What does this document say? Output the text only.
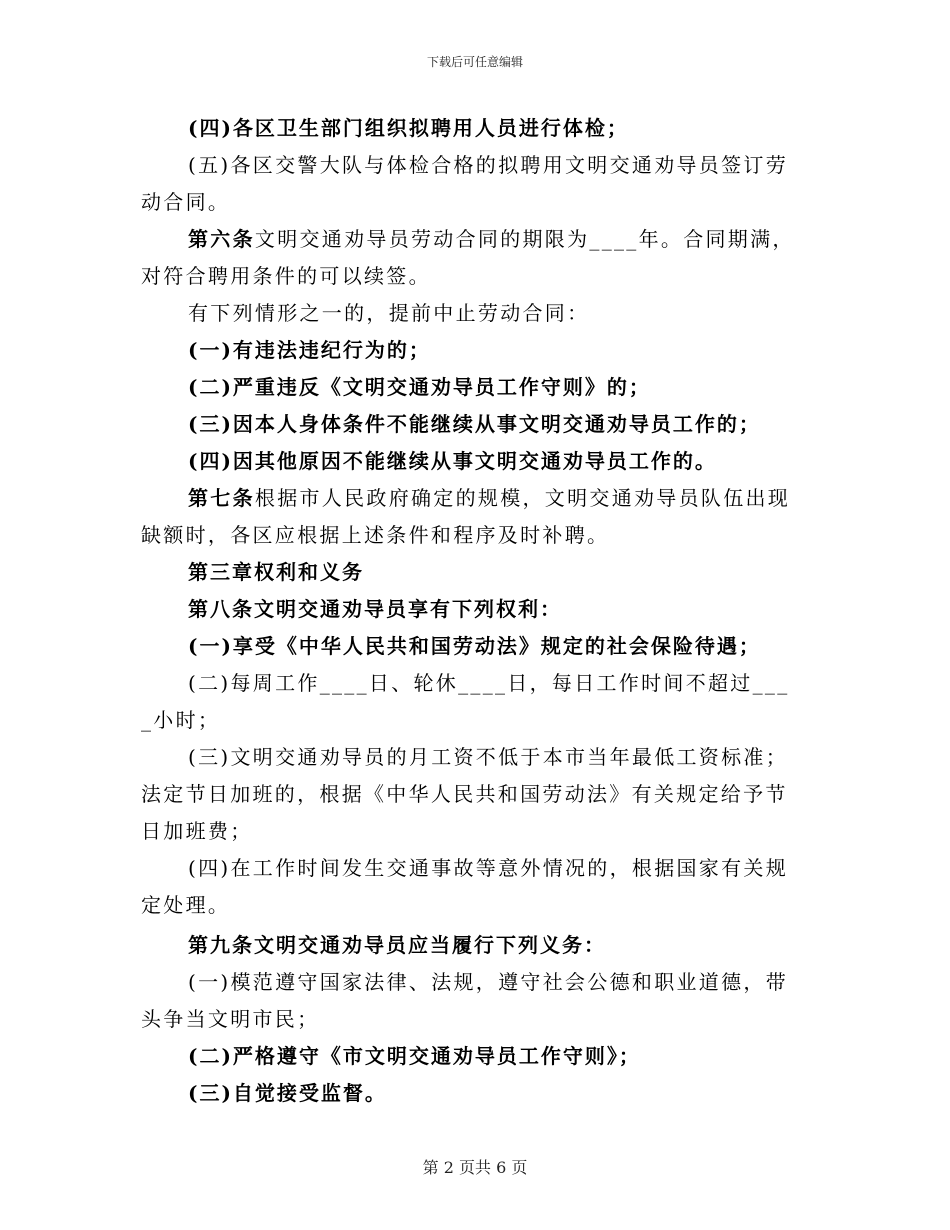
下载后可任意编辑

(四)各区卫生部门组织拟聘用人员进行体检；

(五)各区交警大队与体检合格的拟聘用文明交通劝导员签订劳动合同。

第六条文明交通劝导员劳动合同的期限为____年。合同期满，对符合聘用条件的可以续签。

有下列情形之一的，提前中止劳动合同：

(一)有违法违纪行为的；

(二)严重违反《文明交通劝导员工作守则》的；

(三)因本人身体条件不能继续从事文明交通劝导员工作的；

(四)因其他原因不能继续从事文明交通劝导员工作的。

第七条根据市人民政府确定的规模，文明交通劝导员队伍出现缺额时，各区应根据上述条件和程序及时补聘。

第三章权利和义务

第八条文明交通劝导员享有下列权利：

(一)享受《中华人民共和国劳动法》规定的社会保险待遇；

(二)每周工作____日、轮休____日，每日工作时间不超过____小时；

(三)文明交通劝导员的月工资不低于本市当年最低工资标准；法定节日加班的，根据《中华人民共和国劳动法》有关规定给予节日加班费；

(四)在工作时间发生交通事故等意外情况的，根据国家有关规定处理。

第九条文明交通劝导员应当履行下列义务：

(一)模范遵守国家法律、法规，遵守社会公德和职业道德，带头争当文明市民；

(二)严格遵守《市文明交通劝导员工作守则》；

(三)自觉接受监督。

第 2 页共 6 页
